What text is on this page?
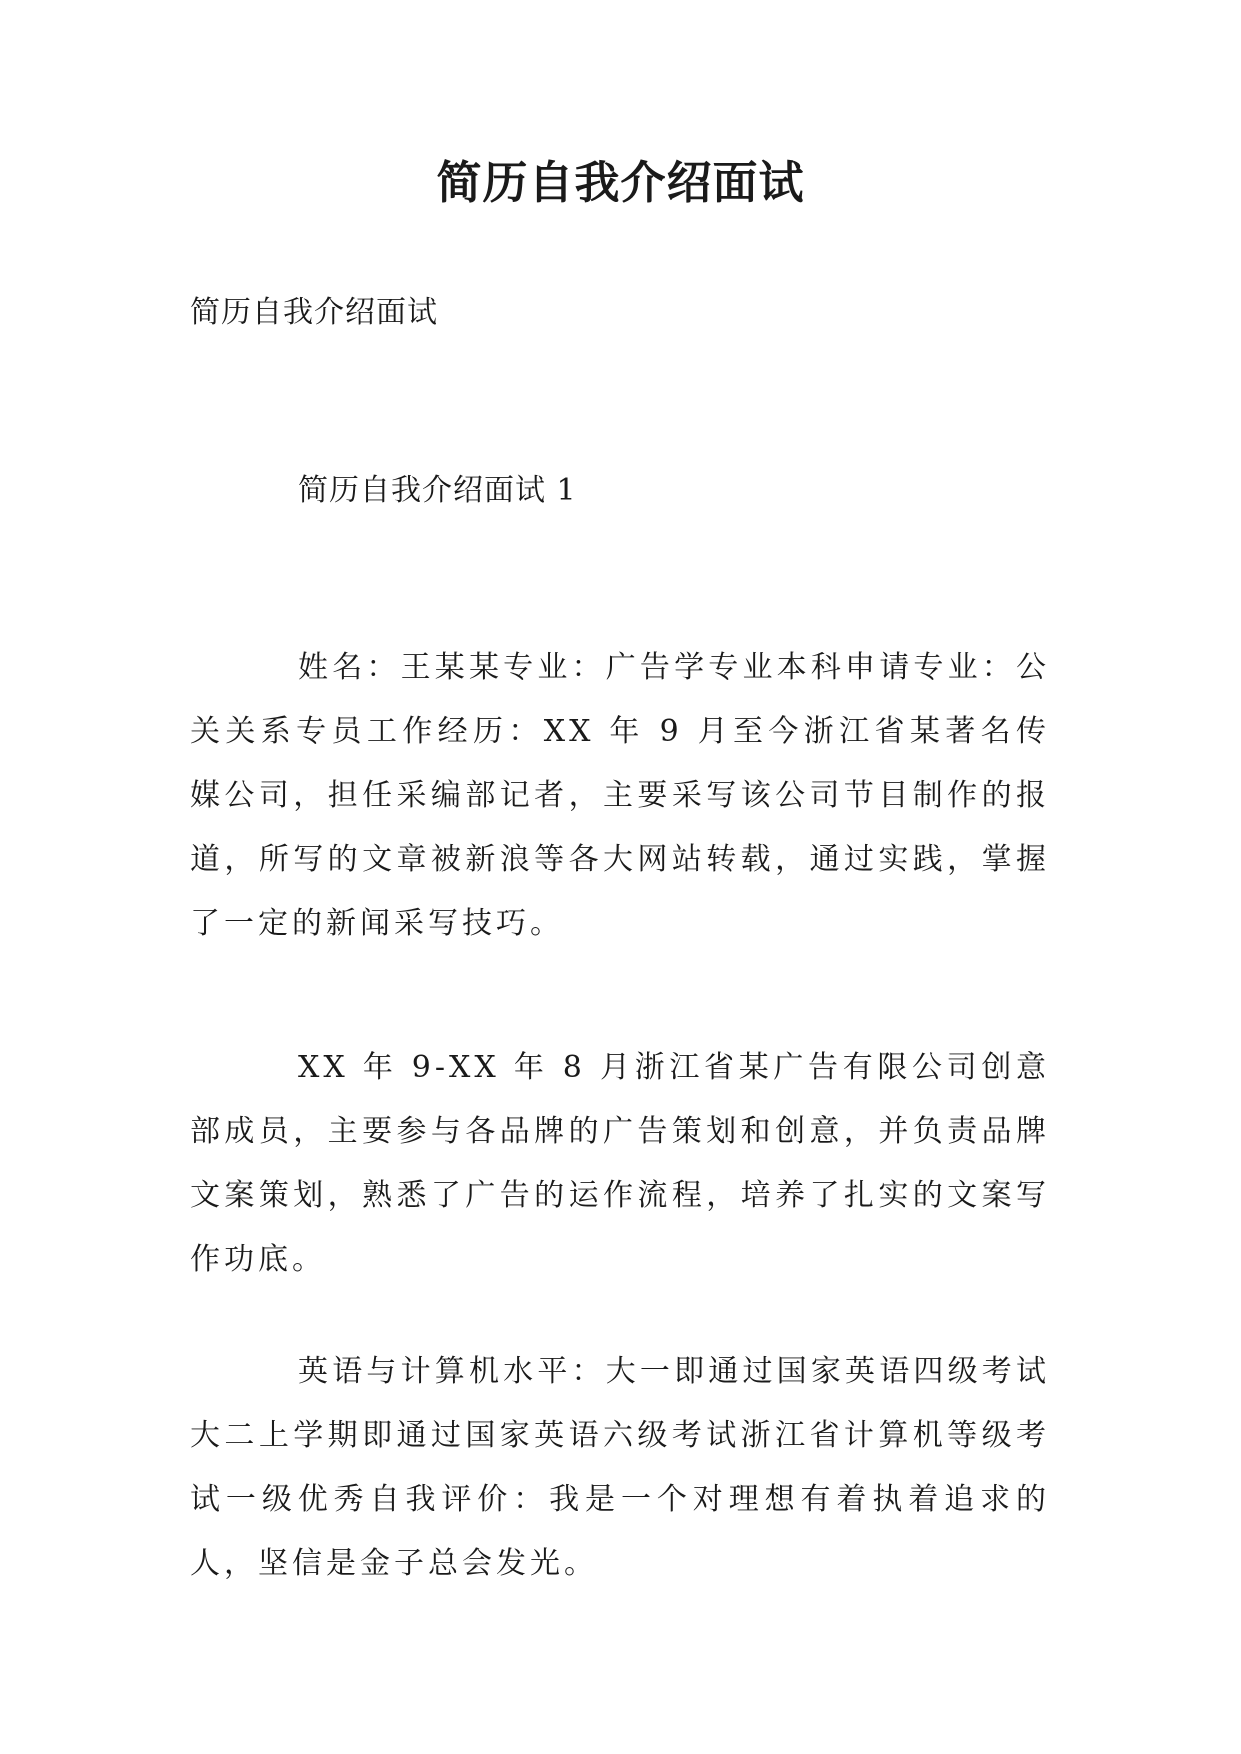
简历自我介绍面试

简历自我介绍面试

简历自我介绍面试 1

姓名：王某某专业：广告学专业本科申请专业：公关关系专员工作经历：XX 年 9 月至今浙江省某著名传媒公司，担任采编部记者，主要采写该公司节目制作的报道，所写的文章被新浪等各大网站转载，通过实践，掌握了一定的新闻采写技巧。

XX 年 9-XX 年 8 月浙江省某广告有限公司创意部成员，主要参与各品牌的广告策划和创意，并负责品牌文案策划，熟悉了广告的运作流程，培养了扎实的文案写作功底。

英语与计算机水平：大一即通过国家英语四级考试大二上学期即通过国家英语六级考试浙江省计算机等级考试一级优秀自我评价：我是一个对理想有着执着追求的人，坚信是金子总会发光。
